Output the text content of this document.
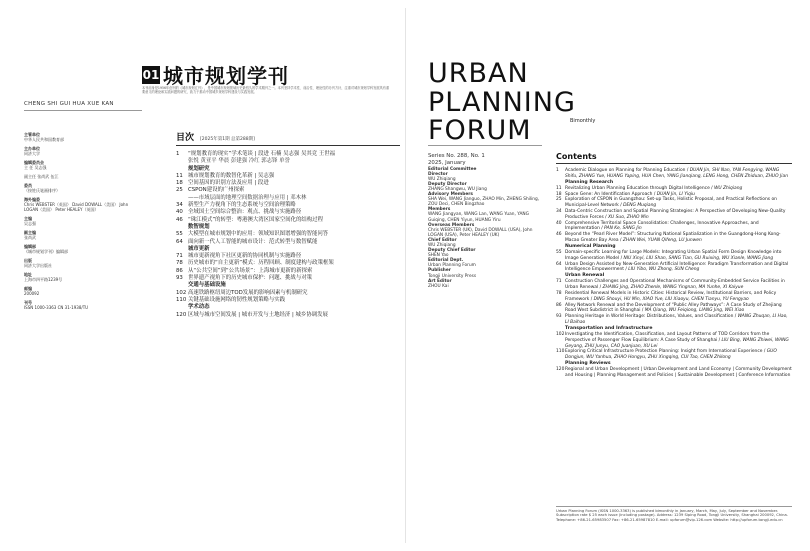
01 城市规划学刊
本刊前身是1956年创刊的《城市规划汇刊》，是中国城市规划领域历史最悠久的学术期刊之一。本刊坚持学术性、前沿性、理论性的办刊方针，注重对城市规划学科发展具有重要意义的理论和实践问题的研究，致力于推动中国城乡规划学科建设与实践发展。
CHENG SHI GUI HUA XUE KAN
主管单位
中华人民共和国教育部
主办单位
同济大学
编辑委员会
主 任 吴志强
副主任 张尚武 伍江
委员
（按姓氏笔画排序）
海外编委
Chris WEBSTER（英国） David DOWALL（美国） John LOGAN（美国） Peter HEALEY（英国）
主编
吴志强
副主编
张尚武
编辑部
《城市规划学刊》编辑部
出版
同济大学出版社
地址
上海市四平路1239号
邮编
200092
刊号
ISSN 1000-3363 CN 31-1938/TU
目次 [2025年第1期 总第288期]
1	“规划教育的现实”学术笔谈 | 段进 石楠 吴志强 吴其竞 王世福
张悦 黄亚平 华晨 彭建强 冷红 郭志锋 单誉
规划研究
11 城市规划教育的数智化革新 | 吴志强
18 空间基因的识别方法及应用 | 段进
25 CSPON建设的广州探索
——市域层面的地理空间数据治理与应用 | 邓木林
34 新型生产力视角下的生态系统与空间治理策略
40 全域国土空间综合整治：观点、挑战与实施路径
46 “珠江模式”的转型：粤港澳大湾区国家空间化的结构过程
数智规划
55 大模型在城市规划中的应用：领域知识图谱增强的智能问答
64 面向新一代人工智能的城市设计：范式转型与数智赋能
城市更新
71 城市更新视角下社区更新的协同机制与实施路径
78 历史城市的“自主更新”模式：历程回顾、制度建构与政策框架
86 从“公共空间”到“公共场景”：上海城市更新的新探索
93 世界遗产视角下的历史城市保护：问题、挑战与对策
交通与基础设施
102 高速铁路枢纽周边TOD发展的影响因素与机制研究
110 关键基础设施网络的韧性规划策略与实践
学术动态
120 区域与城市空间发展 | 城市开发与土地经济 | 城乡协调发展
URBAN
PLANNING
FORUM	Bimonthly
Series No. 288, No. 1
2025, January
Editorial Committee
Director
WU Zhiqiang
Deputy Director
ZHANG Shangwu, WU Jiang
Advisory Members
SHA Wei, WANG Jianguo, ZHAO Min, ZHENG Shiling, ZOU Deci, CHEN Bingzhao
Members
WANG Jiangyan, WANG Lan, WANG Yuan, YANG Guiqing, CHEN Yiyun, HUANG Yiru
Overseas Members
Chris WEBSTER (UK), David DOWALL (USA), John LOGAN (USA), Peter HEALEY (UK)
Chief Editor
WU Zhiqiang
Deputy Chief Editor
SHEN Yao
Editorial Dept.
Urban Planning Forum
Publisher
Tongji University Press
Art Editor
ZHOU Kai
Contents
1	Academic Dialogue on Planning for Planning Education / DUAN Jin, SHI Nan, YAN Fengying, WANG Shifu, ZHANG Yue, HUANG Yaping, HUA Chen, YANG Jianqiang, LENG Hong, CHEN Zhiduan, ZHUO Jian
Planning Research
11 Revitalizing Urban Planning Education through Digital Intelligence / WU Zhiqiang
18 Space Gene: An Identification Approach / DUAN Jin, LI Yiqiu
25 Exploration of CSPON in Guangzhou: Set-up Tasks, Holistic Proposal, and Practical Reflections on Municipal-Level Network / DENG Muqiang
34 Data-Centric Construction and Spatial Planning Strategies: A Perspective of Developing New-Quality Productive Forces / XU Suo, ZHAO Min
40 Comprehensive Territorial Space Consolidation: Challenges, Innovative Approaches, and Implementation / PAN Ke, SANG Jin
46 Beyond the “Pearl River Model”: Structuring National Spatialization in the Guangdong-Hong Kong-Macao Greater Bay Area / ZHAN Wei, YUAN Qifeng, LU Junwen
Numerical Planning
55 Domain-specific Learning for Large Models: Integrating Urban Spatial Form Design Knowledge into Image Generation Model / NIU Xinyi, LIU Shan, SANG Tian, GU Ruixing, WU Xianle, WANG Jiang
64 Urban Design Assisted by New-Generation Artificial Intelligence: Paradigm Transformation and Digital Intelligence Empowerment / LIU Yibo, WU Zhong, SUN Cheng
Urban Renewal
71 Construction Challenges and Operational Mechanisms of Community-Embedded Service Facilities in Urban Renewal / ZHANG Jing, ZHAO Zhenle, WANG Yingnan, MA Yunhe, XI Kaiyue
78 Residential Renewal Models in Historic Cities: Historical Review, Institutional Barriers, and Policy Framework / DING Shouyi, HU Min, XIAO Yue, LIU Xiaoyu, CHEN Tianyu, YU Fengyao
86 Alley Network Renewal and the Development of “Public Alley Pathways”: A Case Study of Zhejiang Road West Subdistrict in Shanghai / MA Qiang, WU Feiqiong, LIANG Jing, WEI Xiao
93 Planning Heritage in World Heritage: Distributions, Values, and Classification / WANG Zhuqan, LI Hao, LI Baihao
Transportation and Infrastructure
102 Investigating the Identification, Classification, and Layout Patterns of TOD Corridors from the Perspective of Passenger Flow Equilibrium: A Case Study of Shanghai / LIU Bing, WANG Zhiwei, WANG Geyang, ZHU Junyu, CAO Juanjuan, XU Lei
110 Exploring Critical Infrastructure Protection Planning: Insight from International Experience / GUO Dongjun, WU Yanhua, ZHAO Hongyu, ZHU Xingqing, CUI Tao, CHEN Zhilong
Planning Reviews
120 Regional and Urban Development | Urban Development and Land Economy | Community Development and Housing | Planning Management and Policies | Sustainable Development | Conference Information
Urban Planning Forum (ISSN 1000-3363) is published bimonthly in January, March, May, July, September and November. Subscription rate $ 25 each issue (including postage). Address: 1239 Siping Road, Tongji University, Shanghai 200092, China. Telephone: +86-21-65983507 Fax: +86-21-65987810 E-mail: upforum@vip.126.com Website: http://upforum.tongji.edu.cn
